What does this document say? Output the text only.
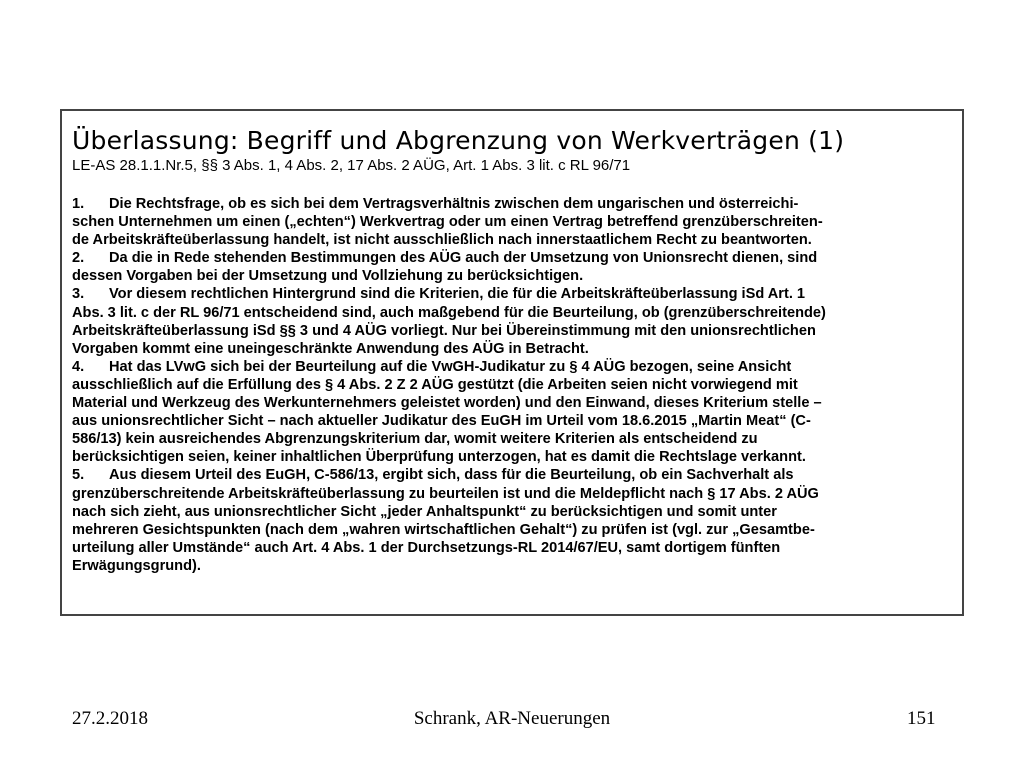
Überlassung: Begriff und Abgrenzung von Werkverträgen (1)
LE-AS 28.1.1.Nr.5, §§ 3 Abs. 1, 4 Abs. 2, 17 Abs. 2 AÜG, Art. 1 Abs. 3 lit. c RL 96/71
1. Die Rechtsfrage, ob es sich bei dem Vertragsverhältnis zwischen dem ungarischen und österreichi-
schen Unternehmen um einen („echten“) Werkvertrag oder um einen Vertrag betreffend grenzüberschreiten-
de Arbeitskräfteüberlassung handelt, ist nicht ausschließlich nach innerstaatlichem Recht zu beantworten.
2. Da die in Rede stehenden Bestimmungen des AÜG auch der Umsetzung von Unionsrecht dienen, sind
dessen Vorgaben bei der Umsetzung und Vollziehung zu berücksichtigen.
3. Vor diesem rechtlichen Hintergrund sind die Kriterien, die für die Arbeitskräfteüberlassung iSd Art. 1
Abs. 3 lit. c der RL 96/71 entscheidend sind, auch maßgebend für die Beurteilung, ob (grenzüberschreitende)
Arbeitskräfteüberlassung iSd §§ 3 und 4 AÜG vorliegt. Nur bei Übereinstimmung mit den unionsrechtlichen
Vorgaben kommt eine uneingeschränkte Anwendung des AÜG in Betracht.
4. Hat das LVwG sich bei der Beurteilung auf die VwGH-Judikatur zu § 4 AÜG bezogen, seine Ansicht
ausschließlich auf die Erfüllung des § 4 Abs. 2 Z 2 AÜG gestützt (die Arbeiten seien nicht vorwiegend mit
Material und Werkzeug des Werkunternehmers geleistet worden) und den Einwand, dieses Kriterium stelle –
aus unionsrechtlicher Sicht – nach aktueller Judikatur des EuGH im Urteil vom 18.6.2015 „Martin Meat“ (C-
586/13) kein ausreichendes Abgrenzungskriterium dar, womit weitere Kriterien als entscheidend zu
berücksichtigen seien, keiner inhaltlichen Überprüfung unterzogen, hat es damit die Rechtslage verkannt.
5. Aus diesem Urteil des EuGH, C-586/13, ergibt sich, dass für die Beurteilung, ob ein Sachverhalt als
grenzüberschreitende Arbeitskräfteüberlassung zu beurteilen ist und die Meldepflicht nach § 17 Abs. 2 AÜG
nach sich zieht, aus unionsrechtlicher Sicht „jeder Anhaltspunkt“ zu berücksichtigen und somit unter
mehreren Gesichtspunkten (nach dem „wahren wirtschaftlichen Gehalt“) zu prüfen ist (vgl. zur „Gesamtbe-
urteilung aller Umstände“ auch Art. 4 Abs. 1 der Durchsetzungs-RL 2014/67/EU, samt dortigem fünften
Erwägungsgrund).
27.2.2018	Schrank, AR-Neuerungen	151
